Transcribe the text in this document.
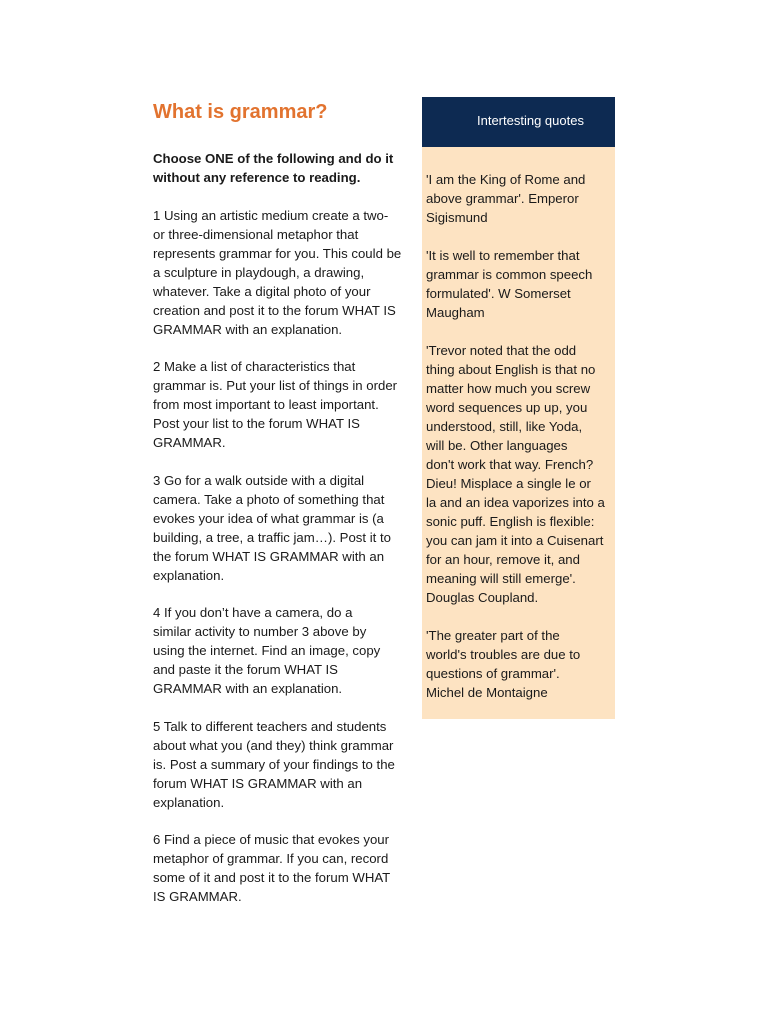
What is grammar?

Choose ONE of the following and do it
without any reference to reading.

1 Using an artistic medium create a two-
or three-dimensional metaphor that
represents grammar for you. This could be
a sculpture in playdough, a drawing,
whatever. Take a digital photo of your
creation and post it to the forum WHAT IS
GRAMMAR with an explanation.

2 Make a list of characteristics that
grammar is. Put your list of things in order
from most important to least important.
Post your list to the forum WHAT IS
GRAMMAR.

3 Go for a walk outside with a digital
camera. Take a photo of something that
evokes your idea of what grammar is (a
building, a tree, a traffic jam…). Post it to
the forum WHAT IS GRAMMAR with an
explanation.

4 If you don’t have a camera, do a
similar activity to number 3 above by
using the internet. Find an image, copy
and paste it the forum WHAT IS
GRAMMAR with an explanation.

5 Talk to different teachers and students
about what you (and they) think grammar
is. Post a summary of your findings to the
forum WHAT IS GRAMMAR with an
explanation.

6 Find a piece of music that evokes your
metaphor of grammar. If you can, record
some of it and post it to the forum WHAT
IS GRAMMAR.

Intertesting quotes

'I am the King of Rome and
above grammar'. Emperor
Sigismund

'It is well to remember that
grammar is common speech
formulated'. W Somerset
Maugham

'Trevor noted that the odd
thing about English is that no
matter how much you screw
word sequences up up, you
understood, still, like Yoda,
will be. Other languages
don't work that way. French?
Dieu! Misplace a single le or
la and an idea vaporizes into a
sonic puff. English is flexible:
you can jam it into a Cuisenart
for an hour, remove it, and
meaning will still emerge'.
Douglas Coupland.

'The greater part of the
world's troubles are due to
questions of grammar'.
Michel de Montaigne
